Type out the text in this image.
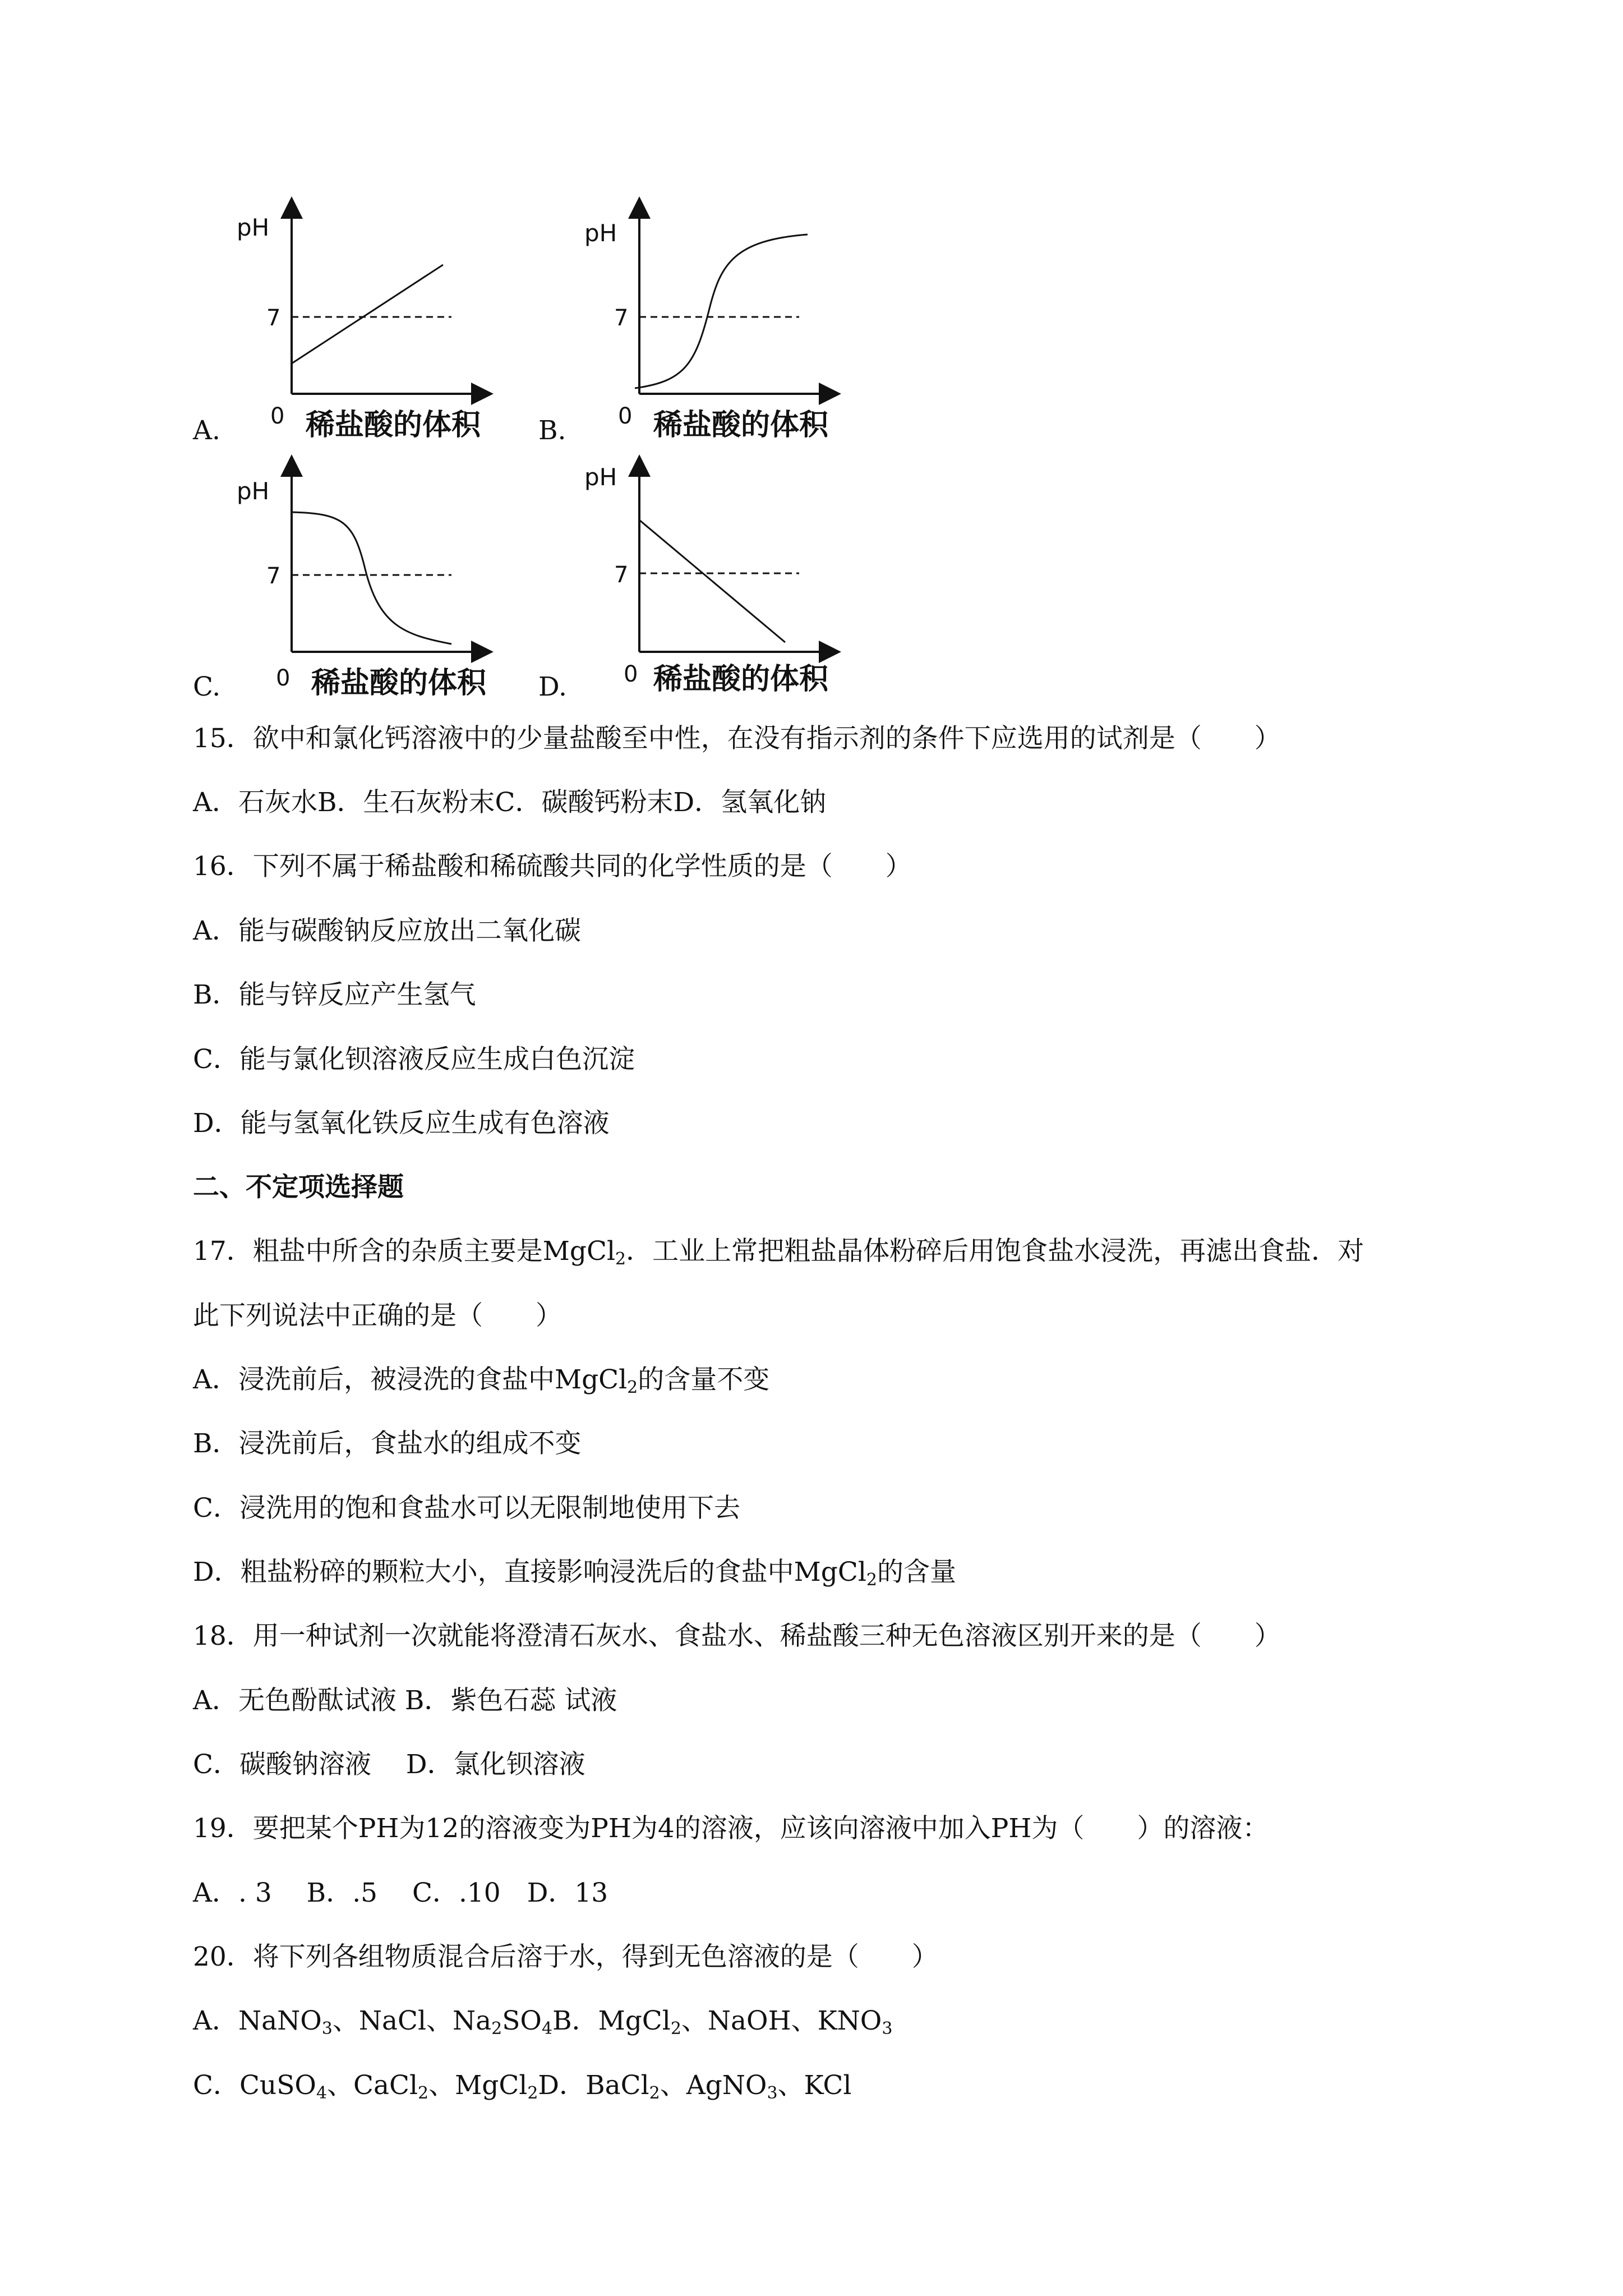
A.
pH
7
0 稀盐酸的体积 B.
pH
7
0 稀盐酸的体积
C.
pH
7
0 稀盐酸的体积 D.
pH
7
0 稀盐酸的体积

15．欲中和氯化钙溶液中的少量盐酸至中性，在没有指示剂的条件下应选用的试剂是（　　）

A．石灰水B．生石灰粉末C．碳酸钙粉末D．氢氧化钠

16．下列不属于稀盐酸和稀硫酸共同的化学性质的是（　　）

A．能与碳酸钠反应放出二氧化碳

B．能与锌反应产生氢气

C．能与氯化钡溶液反应生成白色沉淀

D．能与氢氧化铁反应生成有色溶液

二、不定项选择题

17．粗盐中所含的杂质主要是MgCl$_2$．工业上常把粗盐晶体粉碎后用饱食盐水浸洗，再滤出食盐．对

此下列说法中正确的是（　　）

A．浸洗前后，被浸洗的食盐中MgCl$_2$的含量不变

B．浸洗前后，食盐水的组成不变

C．浸洗用的饱和食盐水可以无限制地使用下去

D．粗盐粉碎的颗粒大小，直接影响浸洗后的食盐中MgCl$_2$的含量

18．用一种试剂一次就能将澄清石灰水、食盐水、稀盐酸三种无色溶液区别开来的是（　　）

A．无色酚酞试液 B．紫色石蕊 试液

C．碳酸钠溶液　 D．氯化钡溶液

19．要把某个PH为12的溶液变为PH为4的溶液，应该向溶液中加入PH为（　　）的溶液：

A．. 3　 B．.5　 C．.10　D．13

20．将下列各组物质混合后溶于水，得到无色溶液的是（　　）

A．NaNO$_3$、NaCl、$Na_2SO_4B$．MgCl$_2$、NaOH、$KNO_3$

C．CuSO$_4$、CaCl$_2$、MgCl$_2$D．BaCl$_2$、AgNO$_3$、KCl
